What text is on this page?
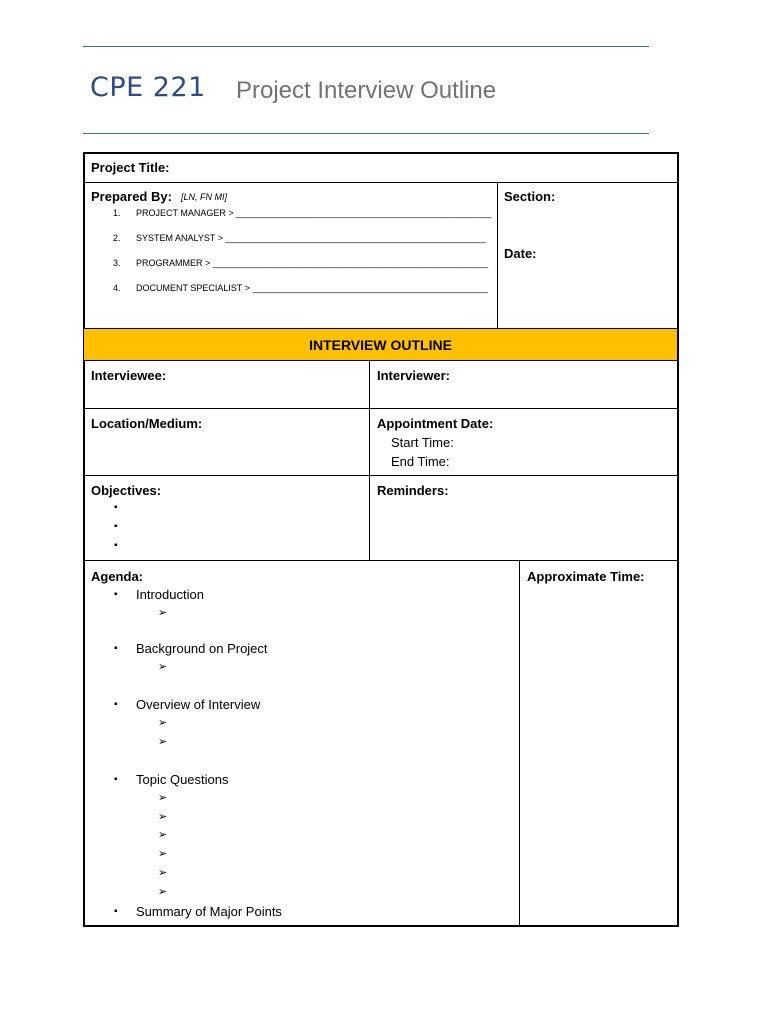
CPE 221 Project Interview Outline
Project Title:
Prepared By: [LN, FN MI]
1. PROJECT MANAGER > ___________________________________________________
2. SYSTEM ANALYST > ____________________________________________________
3. PROGRAMMER > _______________________________________________________
4. DOCUMENT SPECIALIST > _______________________________________________
Section:
Date:
INTERVIEW OUTLINE
Interviewee:	Interviewer:
Location/Medium:	Appointment Date:
Start Time:
End Time:
Objectives:
▪
▪
▪
Reminders:
Agenda:	Approximate Time:
▪ Introduction
➢
▪ Background on Project
➢
▪ Overview of Interview
➢
➢
▪ Topic Questions
➢
➢
➢
➢
➢
➢
▪ Summary of Major Points
